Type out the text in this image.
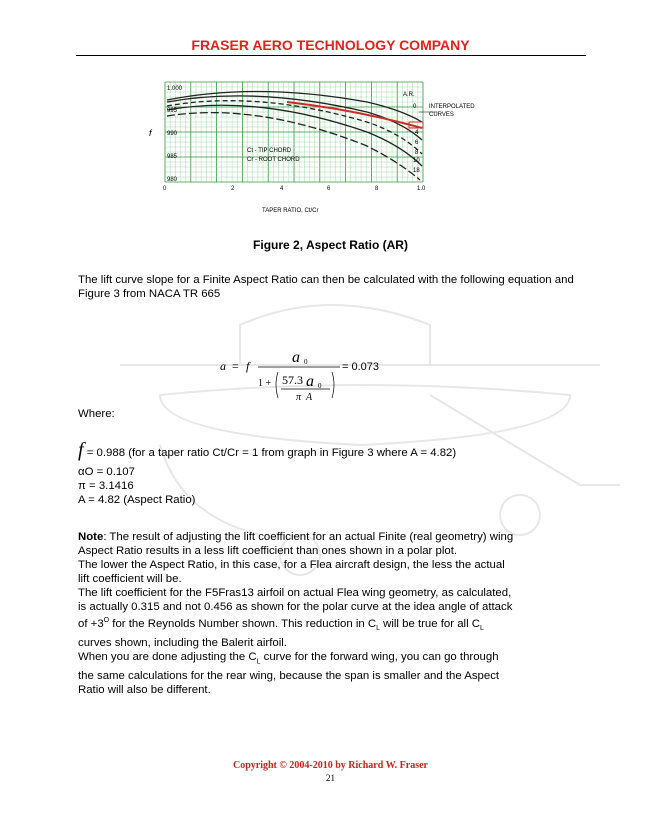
FRASER AERO TECHNOLOGY COMPANY
1.000
995
990
985
980
f
0	2	4	6	8	1.0
TAPER RATIO, Ct/Cr
Ct - TIP CHORD
Cr - ROOT CHORD
INTERPOLATED
CURVES
A.R.
0
4
6
8
10
18
Figure 2, Aspect Ratio (AR)
The lift curve slope for a Finite Aspect Ratio can then be calculated with the following equation and Figure 3 from NACA TR 665
a = f	a 0
1 + 57.3 a 0
π A
= 0.073
Where:
f = 0.988 (for a taper ratio Ct/Cr = 1 from graph in Figure 3 where A = 4.82)
αO = 0.107
π = 3.1416
A = 4.82 (Aspect Ratio)
Note: The result of adjusting the lift coefficient for an actual Finite (real geometry) wing
Aspect Ratio results in a less lift coefficient than ones shown in a polar plot.
The lower the Aspect Ratio, in this case, for a Flea aircraft design, the less the actual
lift coefficient will be.
The lift coefficient for the F5Fras13 airfoil on actual Flea wing geometry, as calculated,
is actually 0.315 and not 0.456 as shown for the polar curve at the idea angle of attack
of $+3^O$ for the Reynolds Number shown. This reduction in $C_L$ will be true for all $C_L$
curves shown, including the Balerit airfoil.
When you are done adjusting the $C_L$ curve for the forward wing, you can go through
the same calculations for the rear wing, because the span is smaller and the Aspect
Ratio will also be different.
Copyright © 2004-2010 by Richard W. Fraser
21
